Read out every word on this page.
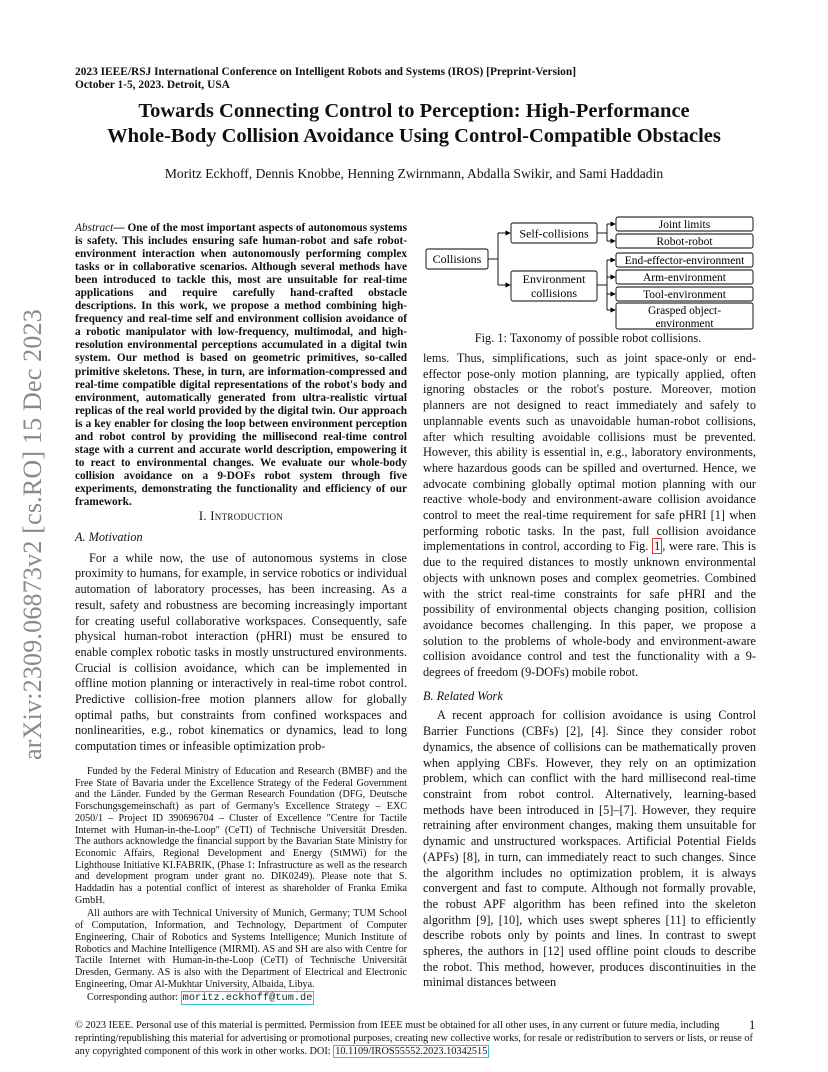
2023 IEEE/RSJ International Conference on Intelligent Robots and Systems (IROS) [Preprint-Version]
October 1-5, 2023. Detroit, USA
Towards Connecting Control to Perception: High-Performance
Whole-Body Collision Avoidance Using Control-Compatible Obstacles
Moritz Eckhoff, Dennis Knobbe, Henning Zwirnmann, Abdalla Swikir, and Sami Haddadin
arXiv:2309.06873v2 [cs.RO] 15 Dec 2023
Abstract— One of the most important aspects of autonomous systems is safety. This includes ensuring safe human-robot and safe robot-environment interaction when autonomously performing complex tasks or in collaborative scenarios. Although several methods have been introduced to tackle this, most are unsuitable for real-time applications and require carefully hand-crafted obstacle descriptions. In this work, we propose a method combining high-frequency and real-time self and environment collision avoidance of a robotic manipulator with low-frequency, multimodal, and high-resolution environmental perceptions accumulated in a digital twin system. Our method is based on geometric primitives, so-called primitive skeletons. These, in turn, are information-compressed and real-time compatible digital representations of the robot's body and environment, automatically generated from ultra-realistic virtual replicas of the real world provided by the digital twin. Our approach is a key enabler for closing the loop between environment perception and robot control by providing the millisecond real-time control stage with a current and accurate world description, empowering it to react to environmental changes. We evaluate our whole-body collision avoidance on a 9-DOFs robot system through five experiments, demonstrating the functionality and efficiency of our framework.
I. Introduction
A. Motivation

For a while now, the use of autonomous systems in close proximity to humans, for example, in service robotics or individual automation of laboratory processes, has been increasing. As a result, safety and robustness are becoming increasingly important for creating useful collaborative workspaces. Consequently, safe physical human-robot interaction (pHRI) must be ensured to enable complex robotic tasks in mostly unstructured environments. Crucial is collision avoidance, which can be implemented in offline motion planning or interactively in real-time robot control. Predictive collision-free motion planners allow for globally optimal paths, but constraints from confined workspaces and nonlinearities, e.g., robot kinematics or dynamics, lead to long computation times or infeasible optimization prob-

Funded by the Federal Ministry of Education and Research (BMBF) and the Free State of Bavaria under the Excellence Strategy of the Federal Government and the Länder. Funded by the German Research Foundation (DFG, Deutsche Forschungsgemeinschaft) as part of Germany's Excellence Strategy – EXC 2050/1 – Project ID 390696704 – Cluster of Excellence "Centre for Tactile Internet with Human-in-the-Loop" (CeTI) of Technische Universität Dresden. The authors acknowledge the financial support by the Bavarian State Ministry for Economic Affairs, Regional Development and Energy (StMWi) for the Lighthouse Initiative KI.FABRIK, (Phase 1: Infrastructure as well as the research and development program under grant no. DIK0249). Please note that S. Haddadin has a potential conflict of interest as shareholder of Franka Emika GmbH.

All authors are with Technical University of Munich, Germany; TUM School of Computation, Information, and Technology, Department of Computer Engineering, Chair of Robotics and Systems Intelligence; Munich Institute of Robotics and Machine Intelligence (MIRMI). AS and SH are also with Centre for Tactile Internet with Human-in-the-Loop (CeTI) of Technische Universität Dresden, Germany. AS is also with the Department of Electrical and Electronic Engineering, Omar Al-Mukhtar University, Albaida, Libya.

Corresponding author: moritz.eckhoff@tum.de

Collisions
Self-collisions
Environment
collisions
Joint limits
Robot-robot
End-effector-environment
Arm-environment
Tool-environment
Grasped object-
environment
Fig. 1: Taxonomy of possible robot collisions.

lems. Thus, simplifications, such as joint space-only or end-effector pose-only motion planning, are typically applied, often ignoring obstacles or the robot's posture. Moreover, motion planners are not designed to react immediately and safely to unplannable events such as unavoidable human-robot collisions, after which resulting avoidable collisions must be prevented. However, this ability is essential in, e.g., laboratory environments, where hazardous goods can be spilled and overturned. Hence, we advocate combining globally optimal motion planning with our reactive whole-body and environment-aware collision avoidance control to meet the real-time requirement for safe pHRI [1] when performing robotic tasks. In the past, full collision avoidance implementations in control, according to Fig. 1 , were rare. This is due to the required distances to mostly unknown environmental objects with unknown poses and complex geometries. Combined with the strict real-time constraints for safe pHRI and the possibility of environmental objects changing position, collision avoidance becomes challenging. In this paper, we propose a solution to the problems of whole-body and environment-aware collision avoidance control and test the functionality with a 9-degrees of freedom (9-DOFs) mobile robot.

B. Related Work

A recent approach for collision avoidance is using Control Barrier Functions (CBFs) [2], [4]. Since they consider robot dynamics, the absence of collisions can be mathematically proven when applying CBFs. However, they rely on an optimization problem, which can conflict with the hard millisecond real-time constraint from robot control. Alternatively, learning-based methods have been introduced in [5]–[7]. However, they require retraining after environment changes, making them unsuitable for dynamic and unstructured workspaces. Artificial Potential Fields (APFs) [8], in turn, can immediately react to such changes. Since the algorithm includes no optimization problem, it is always convergent and fast to compute. Although not formally provable, the robust APF algorithm has been refined into the skeleton algorithm [9], [10], which uses swept spheres [11] to efficiently describe robots only by points and lines. In contrast to swept spheres, the authors in [12] used offline point clouds to describe the robot. This method, however, produces discontinuities in the minimal distances between

© 2023 IEEE. Personal use of this material is permitted. Permission from IEEE must be obtained for all other uses, in any current or future media, including reprinting/republishing this material for advertising or promotional purposes, creating new collective works, for resale or redistribution to servers or lists, or reuse of any copyrighted component of this work in other works. DOI: 10.1109/IROS55552.2023.10342515
1
